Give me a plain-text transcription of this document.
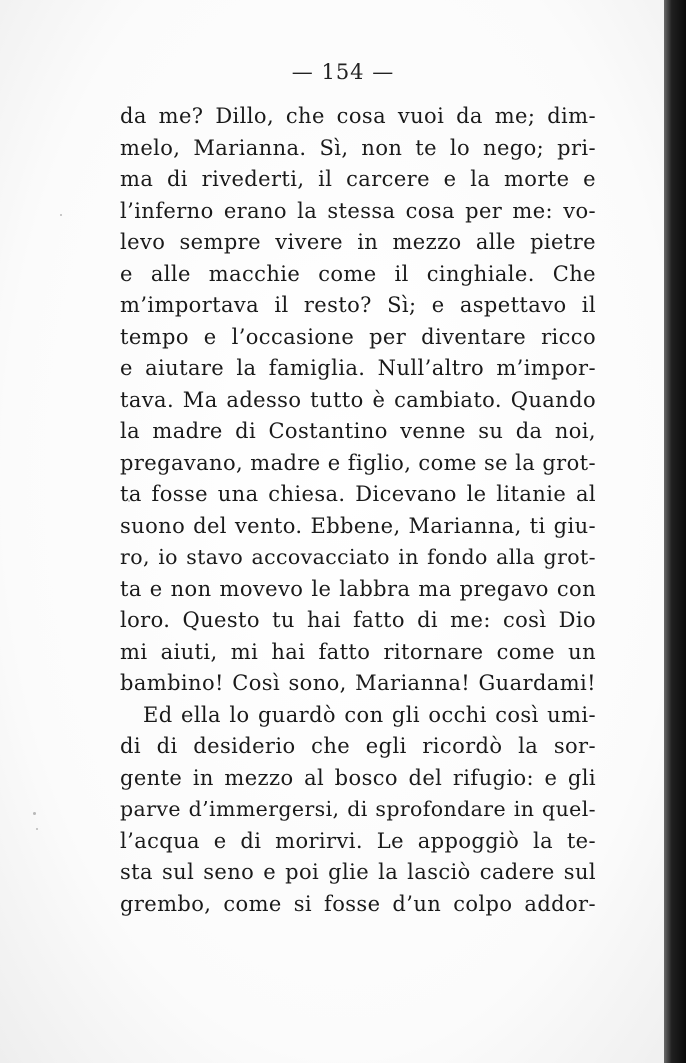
— 154 —
da me? Dillo, che cosa vuoi da me; dim-
melo, Marianna. Sì, non te lo nego; pri-
ma di rivederti, il carcere e la morte e
l’inferno erano la stessa cosa per me: vo-
levo sempre vivere in mezzo alle pietre
e alle macchie come il cinghiale. Che
m’importava il resto? Sì; e aspettavo il
tempo e l’occasione per diventare ricco
e aiutare la famiglia. Null’altro m’impor-
tava. Ma adesso tutto è cambiato. Quando
la madre di Costantino venne su da noi,
pregavano, madre e figlio, come se la grot-
ta fosse una chiesa. Dicevano le litanie al
suono del vento. Ebbene, Marianna, ti giu-
ro, io stavo accovacciato in fondo alla grot-
ta e non movevo le labbra ma pregavo con
loro. Questo tu hai fatto di me: così Dio
mi aiuti, mi hai fatto ritornare come un
bambino! Così sono, Marianna! Guardami!
Ed ella lo guardò con gli occhi così umi-
di di desiderio che egli ricordò la sor-
gente in mezzo al bosco del rifugio: e gli
parve d’immergersi, di sprofondare in quel-
l’acqua e di morirvi. Le appoggiò la te-
sta sul seno e poi glie la lasciò cadere sul
grembo, come si fosse d’un colpo addor-
